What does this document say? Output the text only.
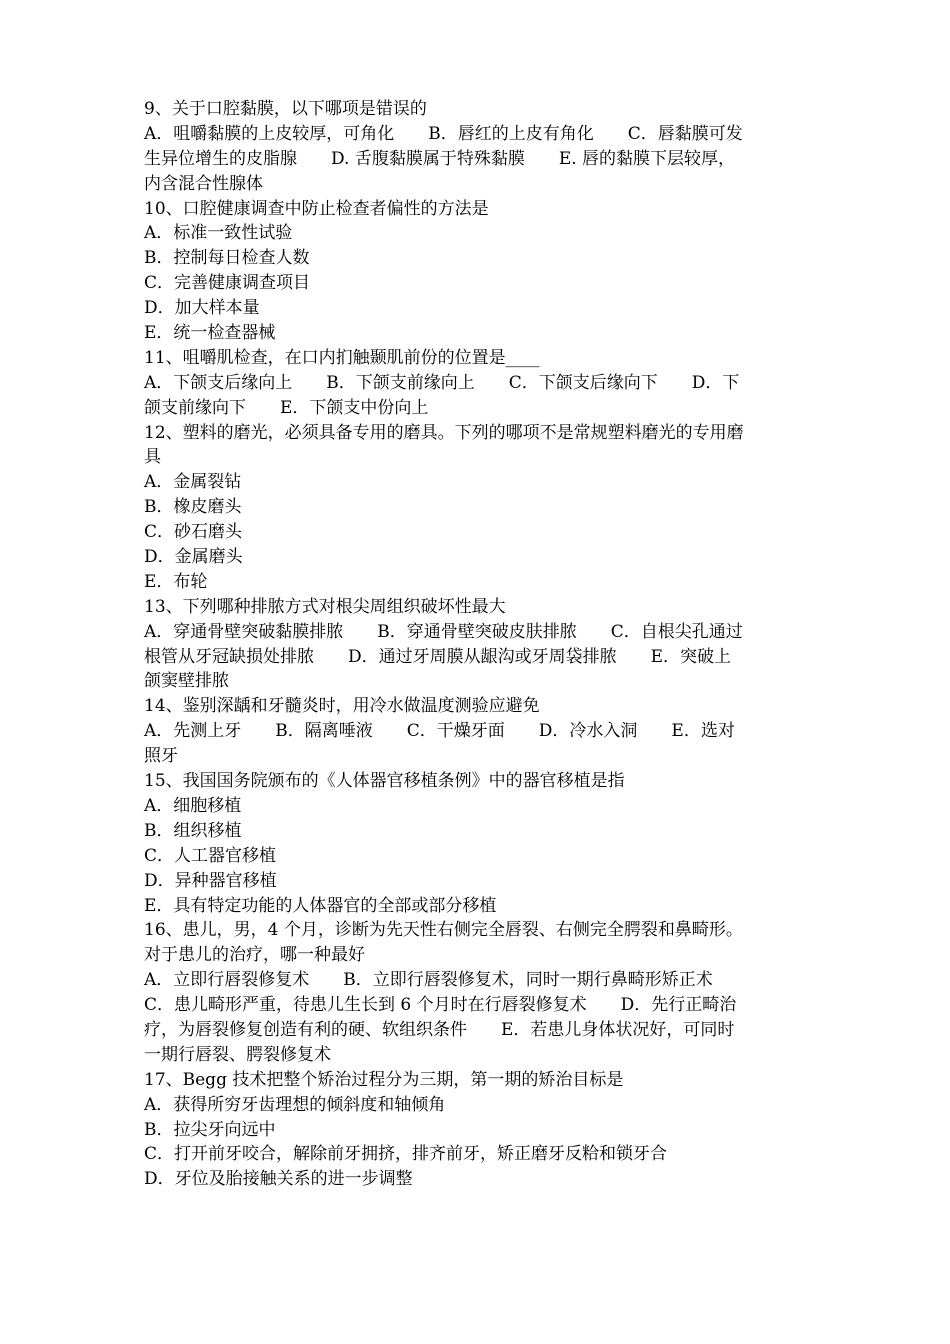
9、关于口腔黏膜，以下哪项是错误的
A．咀嚼黏膜的上皮较厚，可角化　　B．唇红的上皮有角化　　C．唇黏膜可发
生异位增生的皮脂腺　　D. 舌腹黏膜属于特殊黏膜　　E. 唇的黏膜下层较厚，
内含混合性腺体
10、口腔健康调查中防止检查者偏性的方法是
A．标准一致性试验
B．控制每日检查人数
C．完善健康调查项目
D．加大样本量
E．统一检查器械
11、咀嚼肌检查，在口内扪触颞肌前份的位置是____
A．下颌支后缘向上　　B．下颌支前缘向上　　C．下颌支后缘向下　　D．下
颌支前缘向下　　E．下颌支中份向上
12、塑料的磨光，必须具备专用的磨具。下列的哪项不是常规塑料磨光的专用磨
具
A．金属裂钻
B．橡皮磨头
C．砂石磨头
D．金属磨头
E．布轮
13、下列哪种排脓方式对根尖周组织破坏性最大
A．穿通骨壁突破黏膜排脓　　B．穿通骨壁突破皮肤排脓　　C．自根尖孔通过
根管从牙冠缺损处排脓　　D．通过牙周膜从龈沟或牙周袋排脓　　E．突破上
颌窦壁排脓
14、鉴别深龋和牙髓炎时，用冷水做温度测验应避免
A．先测上牙　　B．隔离唾液　　C．干燥牙面　　D．冷水入洞　　E．选对
照牙
15、我国国务院颁布的《人体器官移植条例》中的器官移植是指
A．细胞移植
B．组织移植
C．人工器官移植
D．异种器官移植
E．具有特定功能的人体器官的全部或部分移植
16、患儿，男，4 个月，诊断为先天性右侧完全唇裂、右侧完全腭裂和鼻畸形。
对于患儿的治疗，哪一种最好
A．立即行唇裂修复术　　B．立即行唇裂修复术，同时一期行鼻畸形矫正术
C．患儿畸形严重，待患儿生长到 6 个月时在行唇裂修复术　　D．先行正畸治
疗，为唇裂修复创造有利的硬、软组织条件　　E．若患儿身体状况好，可同时
一期行唇裂、腭裂修复术
17、Begg 技术把整个矫治过程分为三期，第一期的矫治目标是
A．获得所穷牙齿理想的倾斜度和轴倾角
B．拉尖牙向远中
C．打开前牙咬合，解除前牙拥挤，排齐前牙，矫正磨牙反粭和锁牙合
D．牙位及胎接触关系的进一步调整
